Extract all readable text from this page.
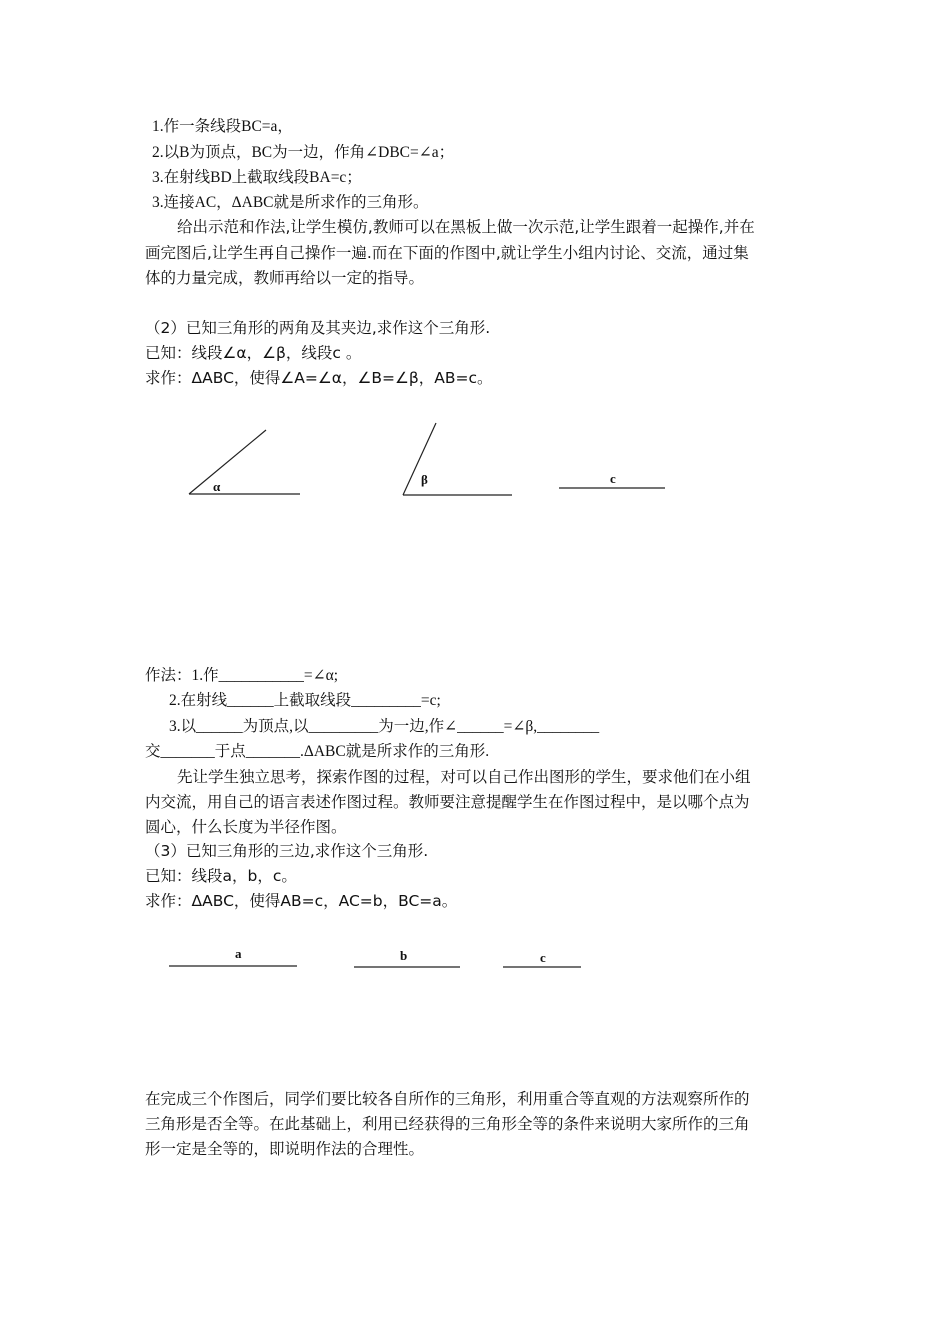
1.作一条线段BC=a，
2.以B为顶点，BC为一边，作角∠DBC=∠a；
3.在射线BD上截取线段BA=c；
3.连接AC，ΔABC就是所求作的三角形。
给出示范和作法,让学生模仿,教师可以在黑板上做一次示范,让学生跟着一起操作,并在
画完图后,让学生再自己操作一遍.而在下面的作图中,就让学生小组内讨论、交流，通过集
体的力量完成，教师再给以一定的指导。
（2）已知三角形的两角及其夹边,求作这个三角形.
已知：线段∠α，∠β，线段c 。
求作：ΔABC，使得∠A=∠α，∠B=∠β，AB=c。
α	β	c
作法：1.作___________=∠α;
2.在射线______上截取线段_________=c;
3.以______为顶点,以_________为一边,作∠______=∠β,________
交_______于点_______.ΔABC就是所求作的三角形.
先让学生独立思考，探索作图的过程，对可以自己作出图形的学生，要求他们在小组
内交流，用自己的语言表述作图过程。教师要注意提醒学生在作图过程中，是以哪个点为
圆心，什么长度为半径作图。
（3）已知三角形的三边,求作这个三角形.
已知：线段a，b，c。
求作：ΔABC，使得AB=c，AC=b，BC=a。
a	b	c
在完成三个作图后，同学们要比较各自所作的三角形，利用重合等直观的方法观察所作的
三角形是否全等。在此基础上，利用已经获得的三角形全等的条件来说明大家所作的三角
形一定是全等的，即说明作法的合理性。
